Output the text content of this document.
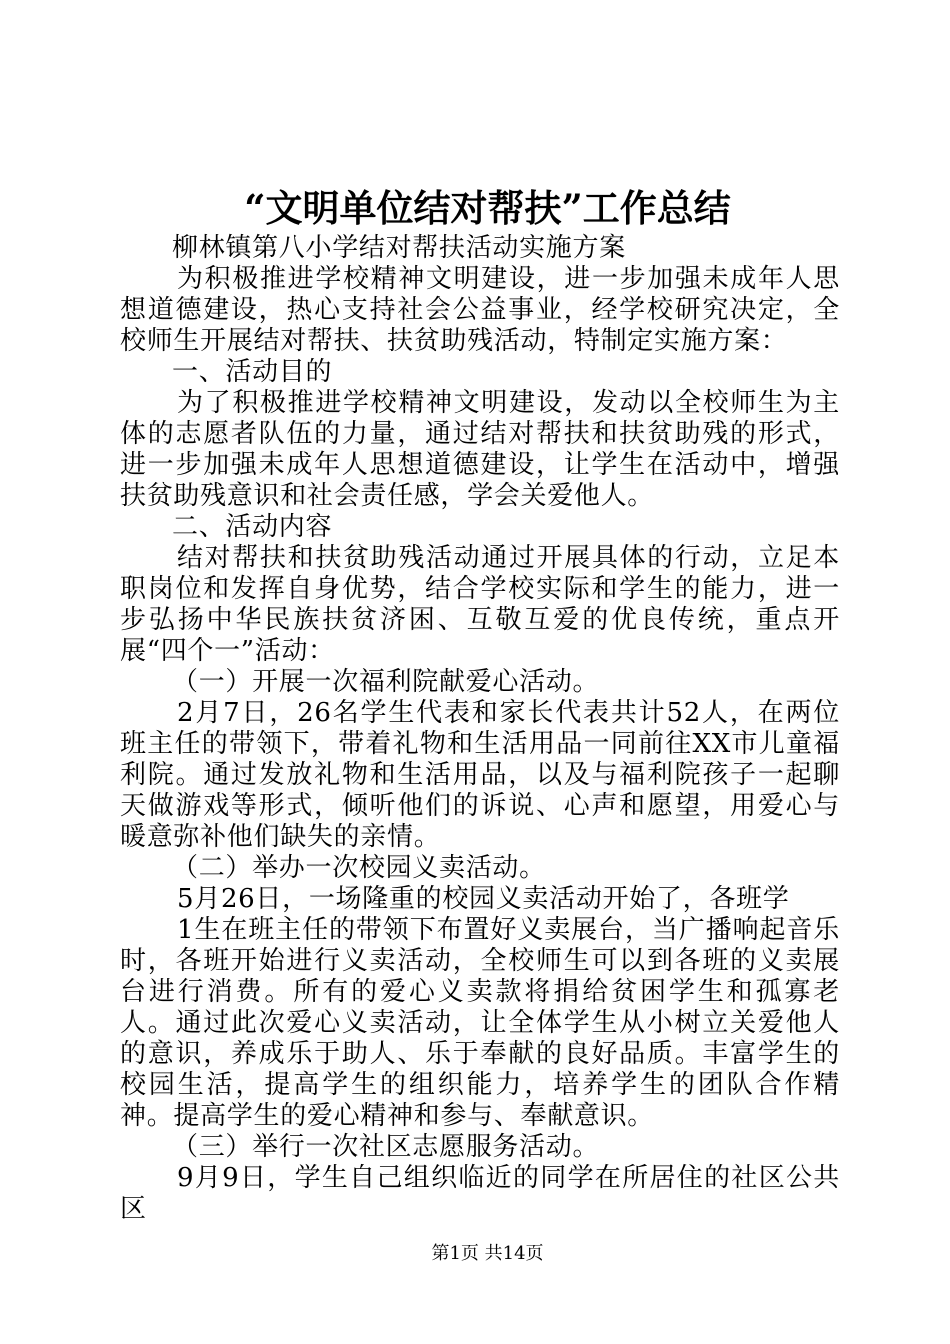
“文明单位结对帮扶”工作总结

柳林镇第八小学结对帮扶活动实施方案

为积极推进学校精神文明建设，进一步加强未成年人思想道德建设，热心支持社会公益事业，经学校研究决定，全校师生开展结对帮扶、扶贫助残活动，特制定实施方案：

一、活动目的

为了积极推进学校精神文明建设，发动以全校师生为主体的志愿者队伍的力量，通过结对帮扶和扶贫助残的形式，进一步加强未成年人思想道德建设，让学生在活动中，增强扶贫助残意识和社会责任感，学会关爱他人。

二、活动内容

结对帮扶和扶贫助残活动通过开展具体的行动，立足本职岗位和发挥自身优势，结合学校实际和学生的能力，进一步弘扬中华民族扶贫济困、互敬互爱的优良传统，重点开展“四个一”活动：

（一）开展一次福利院献爱心活动。

2月7日，26名学生代表和家长代表共计52人，在两位班主任的带领下，带着礼物和生活用品一同前往XX市儿童福利院。通过发放礼物和生活用品，以及与福利院孩子一起聊天做游戏等形式，倾听他们的诉说、心声和愿望，用爱心与暖意弥补他们缺失的亲情。

（二）举办一次校园义卖活动。

5月26日，一场隆重的校园义卖活动开始了，各班学

1生在班主任的带领下布置好义卖展台，当广播响起音乐时，各班开始进行义卖活动，全校师生可以到各班的义卖展台进行消费。所有的爱心义卖款将捐给贫困学生和孤寡老人。通过此次爱心义卖活动，让全体学生从小树立关爱他人的意识，养成乐于助人、乐于奉献的良好品质。丰富学生的校园生活，提高学生的组织能力，培养学生的团队合作精神。提高学生的爱心精神和参与、奉献意识。

（三）举行一次社区志愿服务活动。

9月9日，学生自己组织临近的同学在所居住的社区公共区

第1页 共14页
